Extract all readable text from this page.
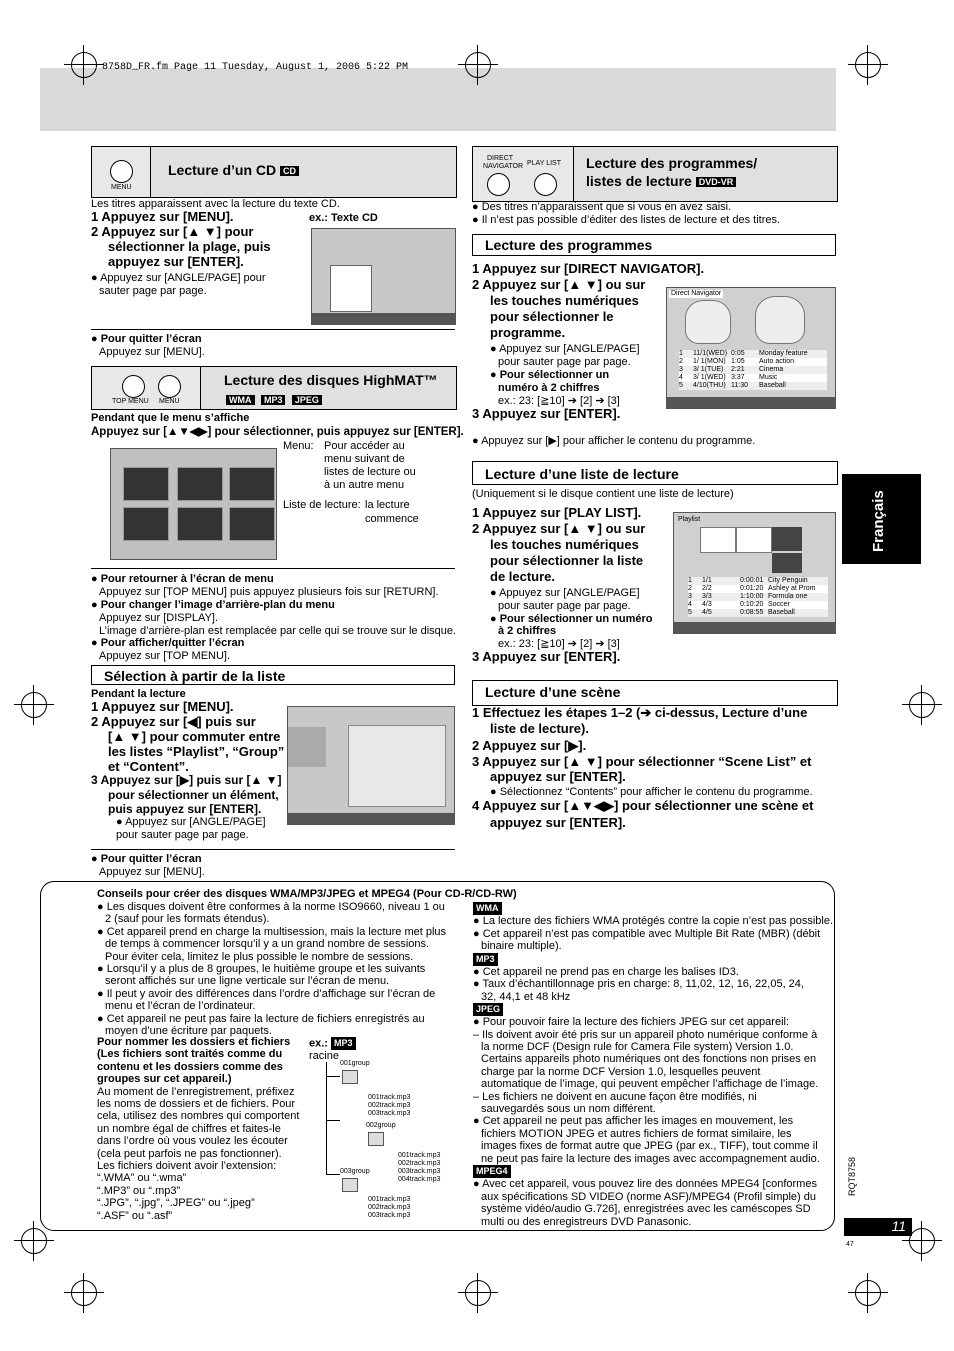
8758D_FR.fm Page 11 Tuesday, August 1, 2006 5:22 PM
Français
MENU
Lecture d’un CD CD
Les titres apparaissent avec la lecture du texte CD.
1 Appuyez sur [MENU].
2 Appuyez sur [▲ ▼] pour
sélectionner la plage, puis
appuyez sur [ENTER].
● Appuyez sur [ANGLE/PAGE] pour
sauter page par page.
ex.: Texte CD
● Pour quitter l’écran
Appuyez sur [MENU].
TOP MENU MENU
Lecture des disques HighMAT™
WMA MP3 JPEG
Pendant que le menu s’affiche
Appuyez sur [▲▼◀▶] pour sélectionner, puis appuyez sur [ENTER].
Menu: Pour accéder au
menu suivant de
listes de lecture ou
à un autre menu
Liste de lecture: la lecture
commence
● Pour retourner à l’écran de menu
Appuyez sur [TOP MENU] puis appuyez plusieurs fois sur [RETURN].
● Pour changer l’image d’arrière-plan du menu
Appuyez sur [DISPLAY].
L’image d’arrière-plan est remplacée par celle qui se trouve sur le disque.
● Pour afficher/quitter l’écran
Appuyez sur [TOP MENU].
Sélection à partir de la liste
Pendant la lecture
1 Appuyez sur [MENU].
2 Appuyez sur [◀] puis sur
[▲ ▼] pour commuter entre
les listes “Playlist”, “Group”
et “Content”.
3 Appuyez sur [▶] puis sur [▲ ▼]
pour sélectionner un élément,
puis appuyez sur [ENTER].
● Appuyez sur [ANGLE/PAGE]
pour sauter page par page.
● Pour quitter l’écran
Appuyez sur [MENU].
DIRECT
NAVIGATOR PLAY LIST Lecture des programmes/
listes de lecture DVD-VR
● Des titres n’apparaissent que si vous en avez saisi.
● Il n’est pas possible d’éditer des listes de lecture et des titres.
Lecture des programmes
1 Appuyez sur [DIRECT NAVIGATOR].
2 Appuyez sur [▲ ▼] ou sur
les touches numériques
pour sélectionner le
programme.
● Appuyez sur [ANGLE/PAGE]
pour sauter page par page.
● Pour sélectionner un
numéro à 2 chiffres
ex.: 23: [≧10] ➔ [2] ➔ [3]
3 Appuyez sur [ENTER].
Direct Navigator
1 11/1(WED) 0:05 Monday feature
2 1/ 1(MON) 1:05 Auto action
3 3/ 1(TUE) 2:21 Cinema
4 3/ 1(WED) 3:37 Music
5 4/10(THU) 11:30 Baseball
● Appuyez sur [▶] pour afficher le contenu du programme.
Lecture d’une liste de lecture
(Uniquement si le disque contient une liste de lecture)
1 Appuyez sur [PLAY LIST].
2 Appuyez sur [▲ ▼] ou sur
les touches numériques
pour sélectionner la liste
de lecture.
● Appuyez sur [ANGLE/PAGE]
pour sauter page par page.
● Pour sélectionner un numéro
à 2 chiffres
ex.: 23: [≧10] ➔ [2] ➔ [3]
3 Appuyez sur [ENTER].
Playlist
1 1/1	0:00:01 City Penguin
2 2/2	0:01:20 Ashley at Prom
3 3/3	1:10:00 Formula one
4 4/3	0:10:20 Soccer
5 4/5	0:08:55 Baseball
Lecture d’une scène
1 Effectuez les étapes 1–2 (➔ ci-dessus, Lecture d’une
liste de lecture).
2 Appuyez sur [▶].
3 Appuyez sur [▲ ▼] pour sélectionner “Scene List” et
appuyez sur [ENTER].
● Sélectionnez “Contents” pour afficher le contenu du programme.
4 Appuyez sur [▲▼◀▶] pour sélectionner une scène et
appuyez sur [ENTER].
Conseils pour créer des disques WMA/MP3/JPEG et MPEG4 (Pour CD-R/CD-RW)
● Les disques doivent être conformes à la norme ISO9660, niveau 1 ou
2 (sauf pour les formats étendus).
● Cet appareil prend en charge la multisession, mais la lecture met plus
de temps à commencer lorsqu’il y a un grand nombre de sessions.
Pour éviter cela, limitez le plus possible le nombre de sessions.
● Lorsqu’il y a plus de 8 groupes, le huitième groupe et les suivants
seront affichés sur une ligne verticale sur l’écran de menu.
● Il peut y avoir des différences dans l’ordre d’affichage sur l’écran de
menu et l’écran de l’ordinateur.
● Cet appareil ne peut pas faire la lecture de fichiers enregistrés au
moyen d’une écriture par paquets.
Pour nommer les dossiers et fichiers
(Les fichiers sont traités comme du
contenu et les dossiers comme des
groupes sur cet appareil.)
Au moment de l’enregistrement, préfixez
les noms de dossiers et de fichiers. Pour
cela, utilisez des nombres qui comportent
un nombre égal de chiffres et faites-le
dans l’ordre où vous voulez les écouter
(cela peut parfois ne pas fonctionner).
Les fichiers doivent avoir l’extension:
“.WMA” ou “.wma”
“.MP3” ou “.mp3”
“.JPG”, “.jpg”, “.JPEG” ou “.jpeg”
“.ASF” ou “.asf”
ex.: MP3
racine
001group
001track.mp3
002track.mp3
003track.mp3
002group
001track.mp3
002track.mp3
003track.mp3
004track.mp3
003group
001track.mp3
002track.mp3
003track.mp3
WMA
● La lecture des fichiers WMA protégés contre la copie n’est pas possible.
● Cet appareil n’est pas compatible avec Multiple Bit Rate (MBR) (débit
binaire multiple).
MP3
● Cet appareil ne prend pas en charge les balises ID3.
● Taux d’échantillonnage pris en charge: 8, 11,02, 12, 16, 22,05, 24,
32, 44,1 et 48 kHz
JPEG
● Pour pouvoir faire la lecture des fichiers JPEG sur cet appareil:
– Ils doivent avoir été pris sur un appareil photo numérique conforme à
la norme DCF (Design rule for Camera File system) Version 1.0.
Certains appareils photo numériques ont des fonctions non prises en
charge par la norme DCF Version 1.0, lesquelles peuvent
automatique de l’image, qui peuvent empêcher l’affichage de l’image.
– Les fichiers ne doivent en aucune façon être modifiés, ni
sauvegardés sous un nom différent.
● Cet appareil ne peut pas afficher les images en mouvement, les
fichiers MOTION JPEG et autres fichiers de format similaire, les
images fixes de format autre que JPEG (par ex., TIFF), tout comme il
ne peut pas faire la lecture des images avec accompagnement audio.
MPEG4
● Avec cet appareil, vous pouvez lire des données MPEG4 [conformes
aux spécifications SD VIDEO (norme ASF)/MPEG4 (Profil simple) du
système vidéo/audio G.726], enregistrées avec les caméscopes SD
multi ou des enregistreurs DVD Panasonic.
RQT8758
11
47
